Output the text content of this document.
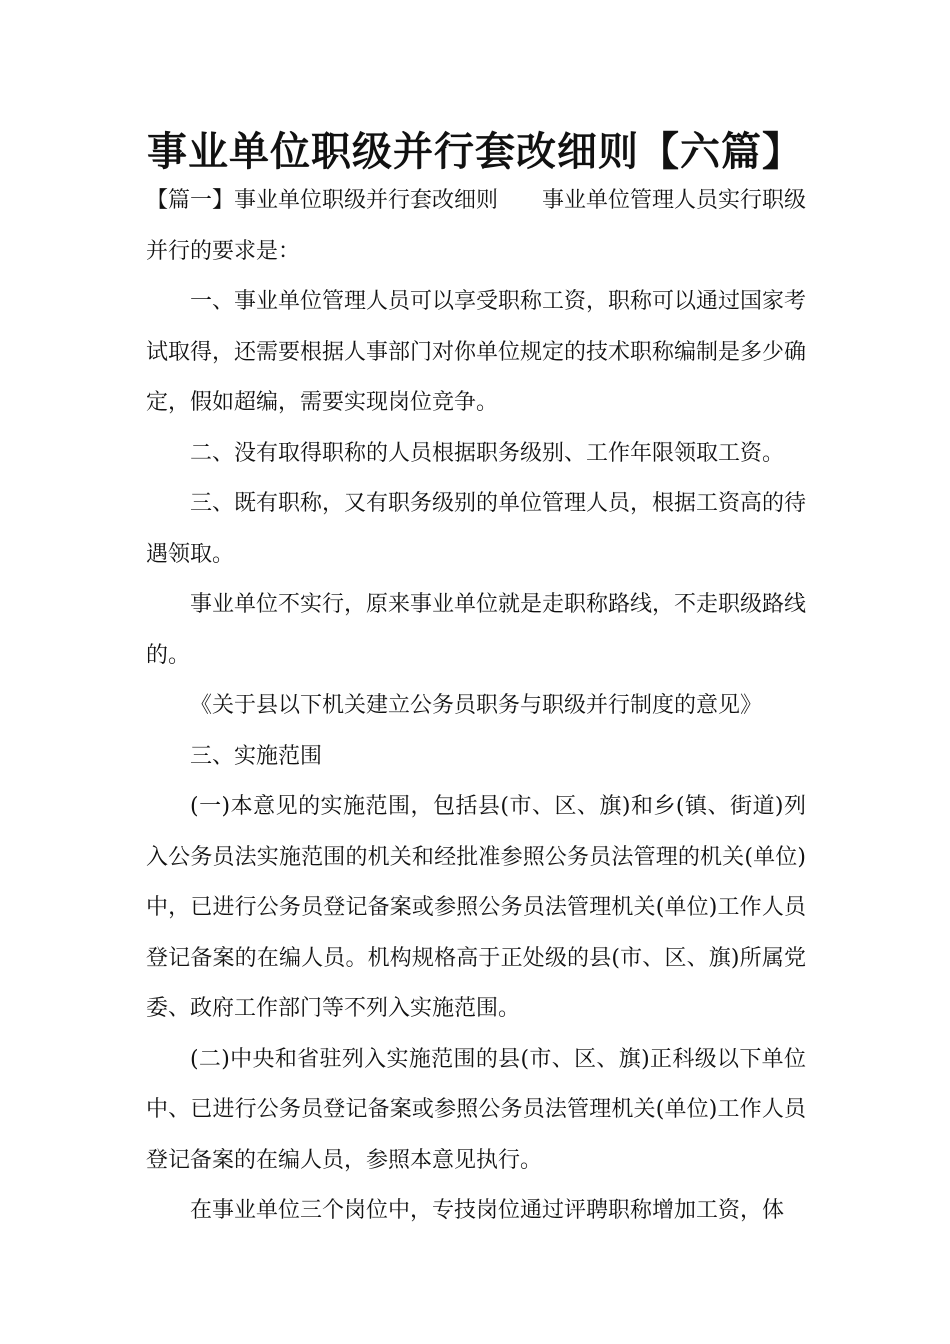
事业单位职级并行套改细则【六篇】

【篇一】事业单位职级并行套改细则　　事业单位管理人员实行职级并行的要求是：

一、事业单位管理人员可以享受职称工资，职称可以通过国家考试取得，还需要根据人事部门对你单位规定的技术职称编制是多少确定，假如超编，需要实现岗位竞争。

二、没有取得职称的人员根据职务级别、工作年限领取工资。

三、既有职称，又有职务级别的单位管理人员，根据工资高的待遇领取。

事业单位不实行，原来事业单位就是走职称路线，不走职级路线的。

《关于县以下机关建立公务员职务与职级并行制度的意见》

三、实施范围

(一)本意见的实施范围，包括县(市、区、旗)和乡(镇、街道)列入公务员法实施范围的机关和经批准参照公务员法管理的机关(单位)中，已进行公务员登记备案或参照公务员法管理机关(单位)工作人员登记备案的在编人员。机构规格高于正处级的县(市、区、旗)所属党委、政府工作部门等不列入实施范围。

(二)中央和省驻列入实施范围的县(市、区、旗)正科级以下单位中、已进行公务员登记备案或参照公务员法管理机关(单位)工作人员登记备案的在编人员，参照本意见执行。

在事业单位三个岗位中，专技岗位通过评聘职称增加工资，体
